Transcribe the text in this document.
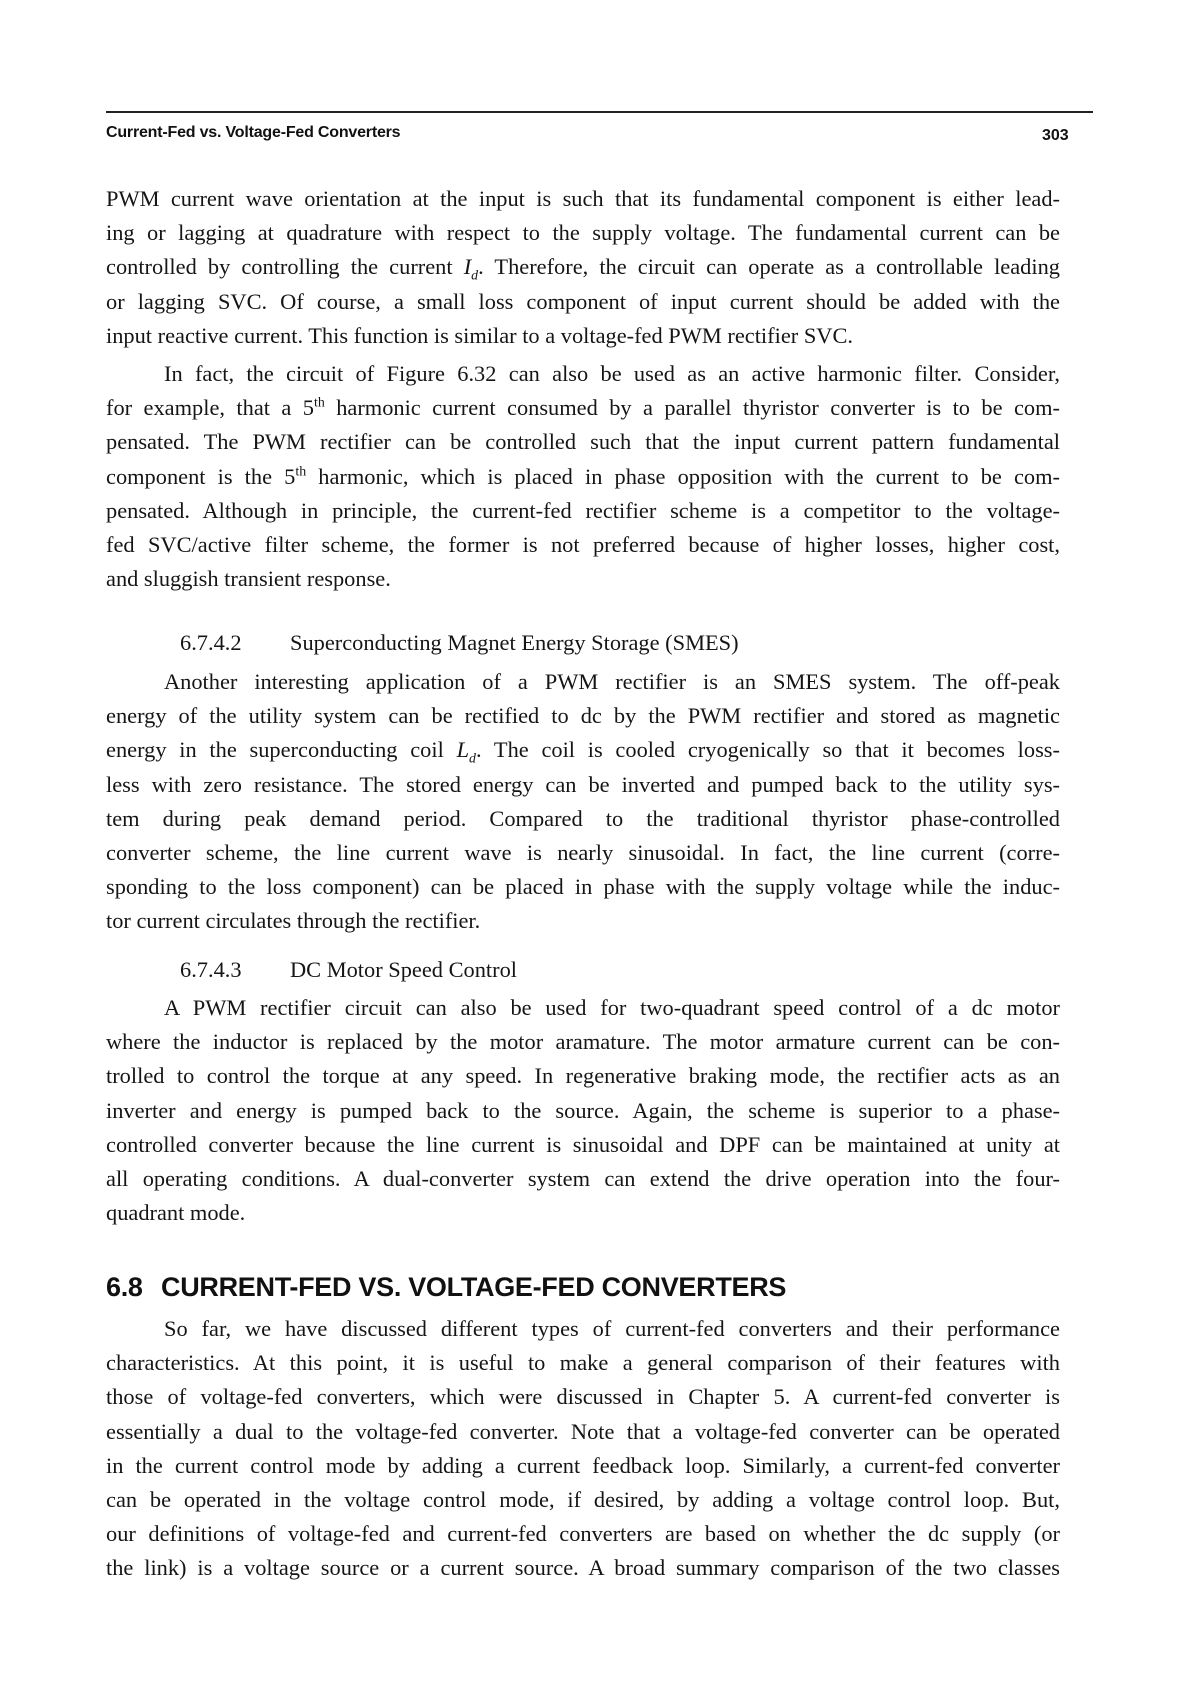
Current-Fed vs. Voltage-Fed Converters	303
PWM current wave orientation at the input is such that its fundamental component is either lead-
ing or lagging at quadrature with respect to the supply voltage. The fundamental current can be
controlled by controlling the current $I_d$. Therefore, the circuit can operate as a controllable leading
or lagging SVC. Of course, a small loss component of input current should be added with the
input reactive current. This function is similar to a voltage-fed PWM rectifier SVC.
In fact, the circuit of Figure 6.32 can also be used as an active harmonic filter. Consider,
for example, that a 5th harmonic current consumed by a parallel thyristor converter is to be com-
pensated. The PWM rectifier can be controlled such that the input current pattern fundamental
component is the 5th harmonic, which is placed in phase opposition with the current to be com-
pensated. Although in principle, the current-fed rectifier scheme is a competitor to the voltage-
fed SVC/active filter scheme, the former is not preferred because of higher losses, higher cost,
and sluggish transient response.
6.7.4.2 Superconducting Magnet Energy Storage (SMES)
Another interesting application of a PWM rectifier is an SMES system. The off-peak
energy of the utility system can be rectified to dc by the PWM rectifier and stored as magnetic
energy in the superconducting coil $L_d$. The coil is cooled cryogenically so that it becomes loss-
less with zero resistance. The stored energy can be inverted and pumped back to the utility sys-
tem during peak demand period. Compared to the traditional thyristor phase-controlled
converter scheme, the line current wave is nearly sinusoidal. In fact, the line current (corre-
sponding to the loss component) can be placed in phase with the supply voltage while the induc-
tor current circulates through the rectifier.
6.7.4.3 DC Motor Speed Control
A PWM rectifier circuit can also be used for two-quadrant speed control of a dc motor
where the inductor is replaced by the motor aramature. The motor armature current can be con-
trolled to control the torque at any speed. In regenerative braking mode, the rectifier acts as an
inverter and energy is pumped back to the source. Again, the scheme is superior to a phase-
controlled converter because the line current is sinusoidal and DPF can be maintained at unity at
all operating conditions. A dual-converter system can extend the drive operation into the four-
quadrant mode.
6.8 CURRENT-FED VS. VOLTAGE-FED CONVERTERS
So far, we have discussed different types of current-fed converters and their performance
characteristics. At this point, it is useful to make a general comparison of their features with
those of voltage-fed converters, which were discussed in Chapter 5. A current-fed converter is
essentially a dual to the voltage-fed converter. Note that a voltage-fed converter can be operated
in the current control mode by adding a current feedback loop. Similarly, a current-fed converter
can be operated in the voltage control mode, if desired, by adding a voltage control loop. But,
our definitions of voltage-fed and current-fed converters are based on whether the dc supply (or
the link) is a voltage source or a current source. A broad summary comparison of the two classes
